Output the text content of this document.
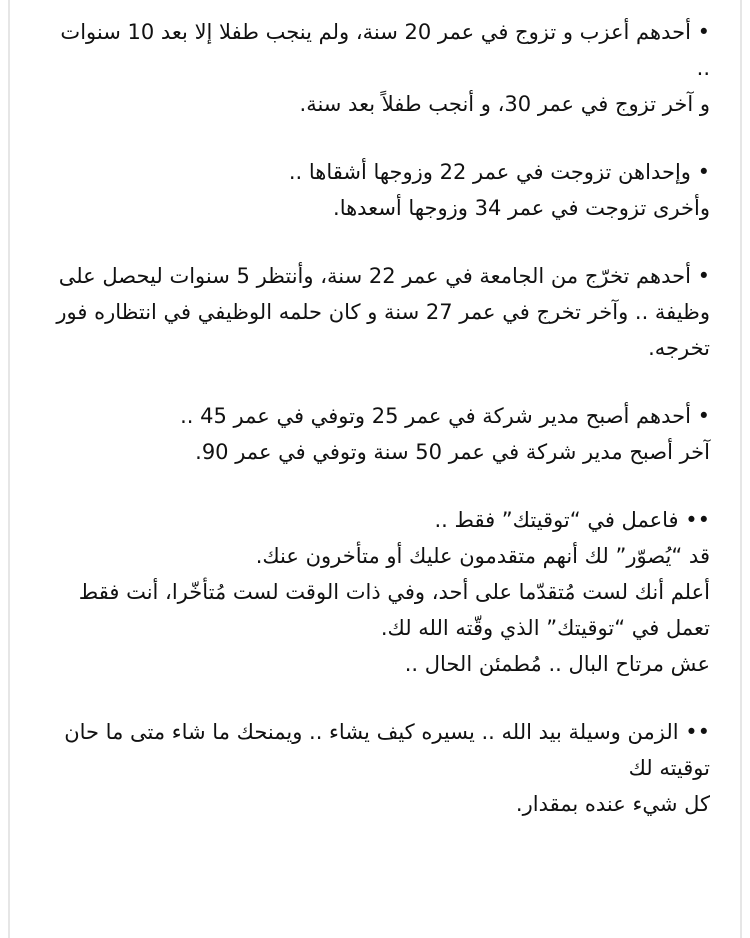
• أحدهم أعزب و تزوج في عمر 20 سنة، ولم ينجب طفلا إلا بعد 10 سنوات ..
و آخر تزوج في عمر 30، و أنجب طفلاً بعد سنة.

• وإحداهن تزوجت في عمر 22 وزوجها أشقاها ..
وأخرى تزوجت في عمر 34 وزوجها أسعدها.

• أحدهم تخرّج من الجامعة في عمر 22 سنة، وأنتظر 5 سنوات ليحصل على وظيفة .. وآخر تخرج في عمر 27 سنة و كان حلمه الوظيفي في انتظاره فور تخرجه.

• أحدهم أصبح مدير شركة في عمر 25 وتوفي في عمر 45 ..
آخر أصبح مدير شركة في عمر 50 سنة وتوفي في عمر 90.

•• فاعمل في “توقيتك” فقط ..
قد “يُصوّر” لك أنهم متقدمون عليك أو متأخرون عنك.
أعلم أنك لست مُتقدّما على أحد، وفي ذات الوقت لست مُتأخّرا، أنت فقط تعمل في “توقيتك” الذي وقّته الله لك.
عش مرتاح البال .. مُطمئن الحال ..

•• الزمن وسيلة بيد الله .. يسيره كيف يشاء .. ويمنحك ما شاء متى ما حان توقيته لك
كل شيء عنده بمقدار.
